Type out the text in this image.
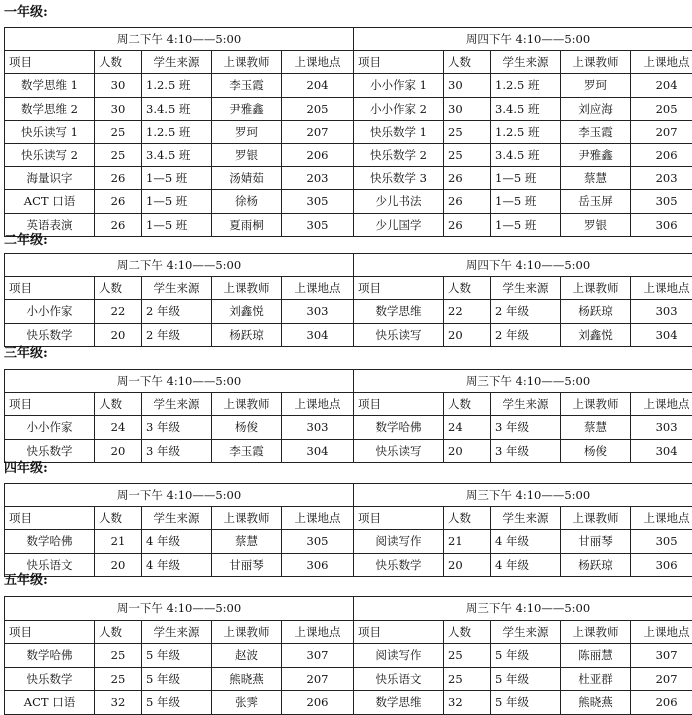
一年级:
周二下午 4:10——5:00					周四下午 4:10——5:00				
项目	人数	学生来源	上课教师	上课地点	项目	人数	学生来源	上课教师	上课地点
数学思维 1	30	1.2.5 班	李玉霞	204	小小作家 1	30	1.2.5 班	罗珂	204
数学思维 2	30	3.4.5 班	尹雅鑫	205	小小作家 2	30	3.4.5 班	刘应海	205
快乐读写 1	25	1.2.5 班	罗珂	207	快乐数学 1	25	1.2.5 班	李玉霞	207
快乐读写 2	25	3.4.5 班	罗银	206	快乐数学 2	25	3.4.5 班	尹雅鑫	206
海量识字	26	1—5 班	汤婧茹	203	快乐数学 3	26	1—5 班	蔡慧	203
ACT 口语	26	1—5 班	徐杨	305	少儿书法	26	1—5 班	岳玉屏	305
英语表演	26	1—5 班	夏雨桐	305	少儿国学	26	1—5 班	罗银	306
二年级:
周二下午 4:10——5:00					周四下午 4:10——5:00				
项目	人数	学生来源	上课教师	上课地点	项目	人数	学生来源	上课教师	上课地点
小小作家	22	2 年级	刘鑫悦	303	数学思维	22	2 年级	杨跃琼	303
快乐数学	20	2 年级	杨跃琼	304	快乐读写	20	2 年级	刘鑫悦	304
三年级:
周一下午 4:10——5:00					周三下午 4:10——5:00				
项目	人数	学生来源	上课教师	上课地点	项目	人数	学生来源	上课教师	上课地点
小小作家	24	3 年级	杨俊	303	数学哈佛	24	3 年级	蔡慧	303
快乐数学	20	3 年级	李玉霞	304	快乐读写	20	3 年级	杨俊	304
四年级:
周一下午 4:10——5:00					周三下午 4:10——5:00				
项目	人数	学生来源	上课教师	上课地点	项目	人数	学生来源	上课教师	上课地点
数学哈佛	21	4 年级	蔡慧	305	阅读写作	21	4 年级	甘丽琴	305
快乐语文	20	4 年级	甘丽琴	306	快乐数学	20	4 年级	杨跃琼	306
五年级:
周一下午 4:10——5:00					周三下午 4:10——5:00				
项目	人数	学生来源	上课教师	上课地点	项目	人数	学生来源	上课教师	上课地点
数学哈佛	25	5 年级	赵波	307	阅读写作	25	5 年级	陈丽慧	307
快乐数学	25	5 年级	熊晓燕	207	快乐语文	25	5 年级	杜亚群	207
ACT 口语	32	5 年级	张霁	206	数学思维	32	5 年级	熊晓燕	206
